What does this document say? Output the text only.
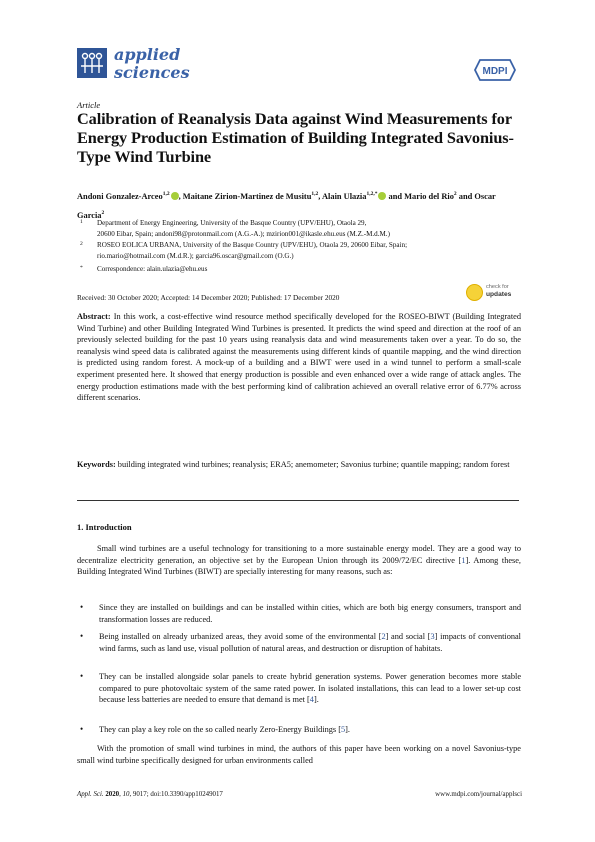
applied
sciences	MDPI
Article
Calibration of Reanalysis Data against Wind Measurements for Energy Production Estimation of Building Integrated Savonius-Type Wind Turbine
Andoni Gonzalez-Arceo$^{1,2}$ , Maitane Zirion-Martinez de Musitu$^{1,2}$, Alain Ulazia$^{1,2,*}$ and Mario del Rio$^2$ and Oscar Garcia$^2$
1 Department of Energy Engineering, University of the Basque Country (UPV/EHU), Otaola 29,
20600 Eibar, Spain; andoni98@protonmail.com (A.G.-A.); mzirion001@ikasle.ehu.eus (M.Z.-M.d.M.)
2 ROSEO EOLICA URBANA, University of the Basque Country (UPV/EHU), Otaola 29, 20600 Eibar, Spain;
rio.mario@hotmail.com (M.d.R.); garcia96.oscar@gmail.com (O.G.)
* Correspondence: alain.ulazia@ehu.eus
Received: 30 October 2020; Accepted: 14 December 2020; Published: 17 December 2020
check for
updates
Abstract: In this work, a cost-effective wind resource method specifically developed for the ROSEO-BIWT (Building Integrated Wind Turbine) and other Building Integrated Wind Turbines is presented. It predicts the wind speed and direction at the roof of an previously selected building for the past 10 years using reanalysis data and wind measurements taken over a year. To do so, the reanalysis wind speed data is calibrated against the measurements using different kinds of quantile mapping, and the wind direction is predicted using random forest. A mock-up of a building and a BIWT were used in a wind tunnel to perform a small-scale experiment presented here. It showed that energy production is possible and even enhanced over a wide range of attack angles. The energy production estimations made with the best performing kind of calibration achieved an overall relative error of 6.77% across different scenarios.
Keywords: building integrated wind turbines; reanalysis; ERA5; anemometer; Savonius turbine; quantile mapping; random forest
1. Introduction
Small wind turbines are a useful technology for transitioning to a more sustainable energy model. They are a good way to decentralize electricity generation, an objective set by the European Union through its 2009/72/EC directive [1]. Among these, Building Integrated Wind Turbines (BIWT) are specially interesting for many reasons, such as:
• Since they are installed on buildings and can be installed within cities, which are both big energy consumers, transport and transformation losses are reduced.
• Being installed on already urbanized areas, they avoid some of the environmental [2] and social [3] impacts of conventional wind farms, such as land use, visual pollution of natural areas, and destruction or disruption of habitats.
• They can be installed alongside solar panels to create hybrid generation systems. Power generation becomes more stable compared to pure photovoltaic system of the same rated power. In isolated installations, this can lead to a lower set-up cost because less batteries are needed to ensure that demand is met [4].
• They can play a key role on the so called nearly Zero-Energy Buildings [5].
With the promotion of small wind turbines in mind, the authors of this paper have been working on a novel Savonius-type small wind turbine specifically designed for urban environments called
Appl. Sci. 2020, 10, 9017; doi:10.3390/app10249017	www.mdpi.com/journal/applsci
